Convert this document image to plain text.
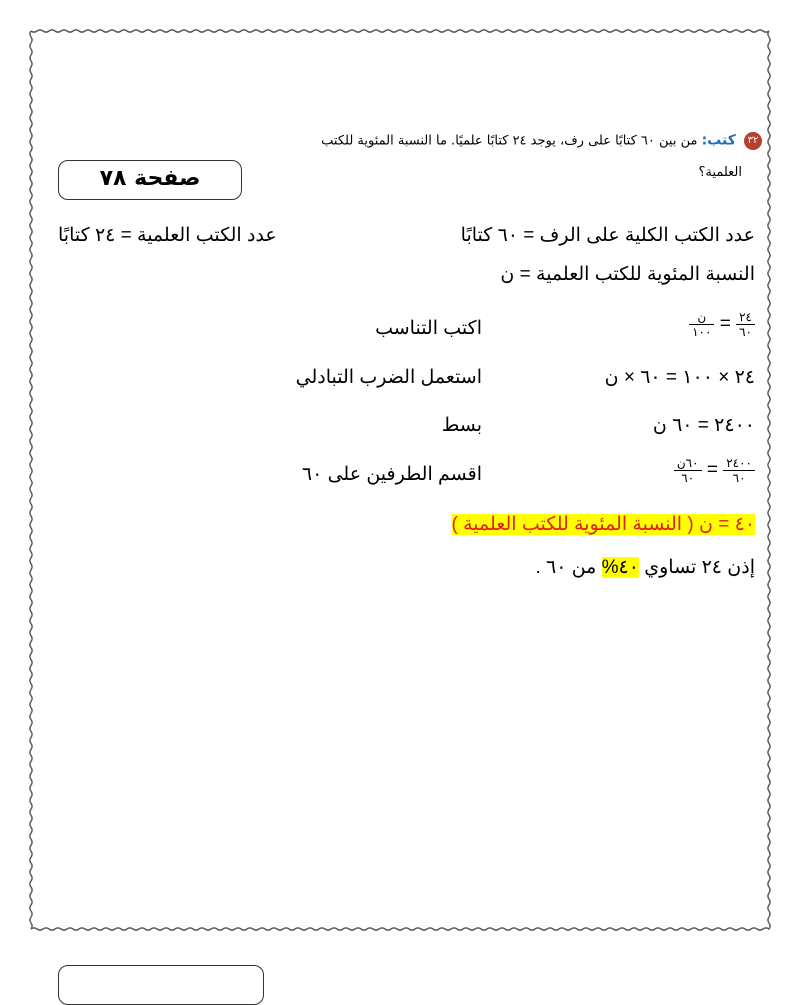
٣٢ كتب: من بين ٦٠ كتابًا على رف، يوجد ٢٤ كتابًا علميًا. ما النسبة المئوية للكتب
العلمية؟
صفحة ٧٨
عدد الكتب الكلية على الرف = ٦٠ كتابًا
عدد الكتب العلمية = ٢٤ كتابًا
النسبة المئوية للكتب العلمية = ن
$\frac{\text{ن}}{١٠٠} = \frac{٢٤}{٦٠}$
اكتب التناسب
٢٤ × ١٠٠ = ٦٠ × ن
استعمل الضرب التبادلي
٢٤٠٠ = ٦٠ ن
بسط
$\frac{\text{٦٠ن}}{٦٠} = \frac{٢٤٠٠}{٦٠}$
اقسم الطرفين على ٦٠
٤٠ = ن ( النسبة المئوية للكتب العلمية )
إذن ٢٤ تساوي ٤٠% من ٦٠ .
